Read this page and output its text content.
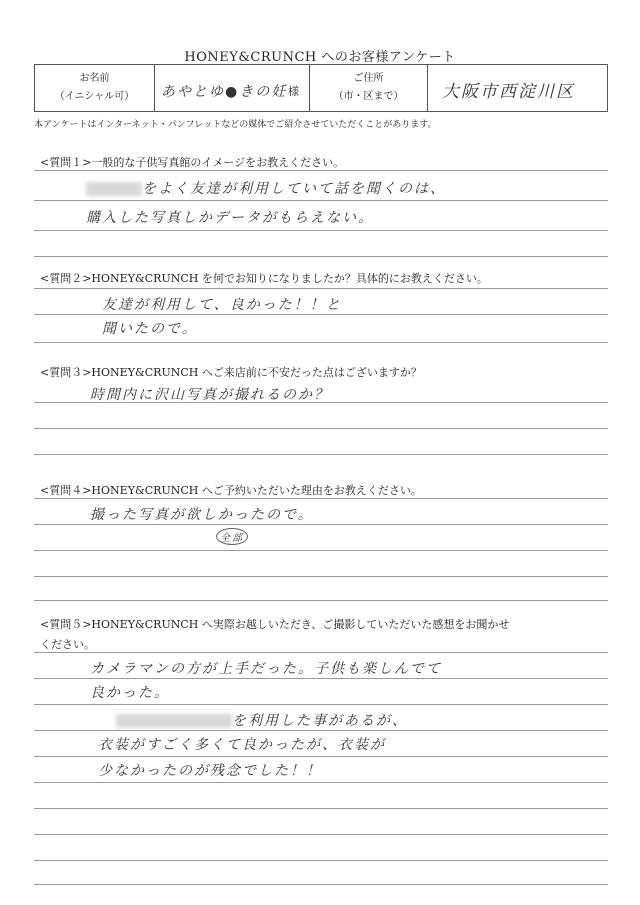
HONEY&CRUNCH へのお客様アンケート
お名前
（イニシャル可） あやとゆ●きの妊 様
ご住所
（市・区まで） 大阪市西淀川区
本アンケートはインターネット・パンフレットなどの媒体でご紹介させていただくことがあります。
<質問１>一般的な子供写真館のイメージをお教えください。
をよく友達が利用していて話を聞くのは、
購入した写真しかデータがもらえない。
<質問２>HONEY&CRUNCH を何でお知りになりましたか？具体的にお教えください。
友達が利用して、良かった！！と
聞いたので。
<質問３>HONEY&CRUNCH へご来店前に不安だった点はございますか？
時間内に沢山写真が撮れるのか？
<質問４>HONEY&CRUNCH へご予約いただいた理由をお教えください。
撮った写真が欲しかったので。
全部
<質問５>HONEY&CRUNCH へ実際お越しいただき、ご撮影していただいた感想をお聞かせ
ください。
カメラマンの方が上手だった。子供も楽しんでて
良かった。
を利用した事があるが、
衣装がすごく多くて良かったが、衣装が
少なかったのが残念でした！！
